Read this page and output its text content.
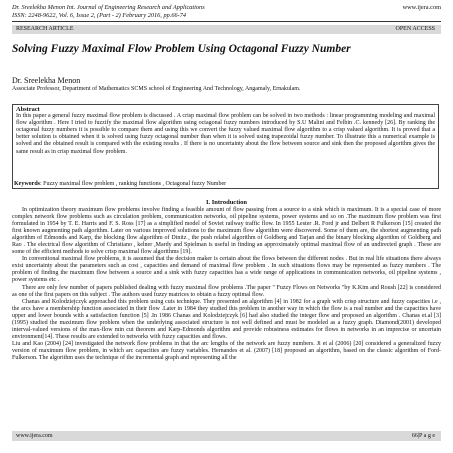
Dr. Sreelekha Menon Int. Journal of Engineering Research and Applications
ISSN: 2248-9622, Vol. 6, Issue 2, (Part - 2) February 2016, pp.66-74
www.ijera.com
RESEARCH ARTICLE	OPEN ACCESS
Solving Fuzzy Maximal Flow Problem Using Octagonal Fuzzy Number
Dr. Sreelekha Menon
Associate Professor, Department of Mathematics SCMS school of Engineering And Technology, Angamaly, Ernakulam.
Abstract
In this paper a general fuzzy maximal flow problem is discussed . A crisp maximal flow problem can be solved in two methods : linear programming modeling and maximal flow algorithm . Here I tried to fuzzify the maximal flow algorithm using octagonal fuzzy numbers introduced by S.U Malini and Felbin .C. kennedy [26]. By ranking the octagonal fuzzy numbers it is possible to compare them and using this we convert the fuzzy valued maximal flow algorithm to a crisp valued algorithm. It is proved that a better solution is obtained when it is solved using fuzzy octagonal number than when it is solved using trapezoidal fuzzy number. To illustrate this a numerical example is solved and the obtained result is compared with the existing results . If there is no uncertainty about the flow between source and sink then the proposed algorithm gives the same result as in crisp maximal flow problem.
Keywords: Fuzzy maximal flow problem , ranking functions , Octagonal fuzzy Number
I. Introduction

In optimization theory maximum flow problems involve finding a feasible amount of flow passing from a source to a sink which is maximum. It is a special case of more complex network flow problems such as circulation problem, communication networks, oil pipeline systems, power systems and so on .The maximum flow problem was first formulated in 1954 by T. E. Harris and F. S. Ross [17] as a simplified model of Soviet railway traffic flow. In 1955 Lester .R. Ford jr and Delbert R Fulkerson [15] created the first known augmenting path algorithm. Later on various improved solutions to the maximum flow algorithm were discovered. Some of them are, the shortest augmenting path algorithm of Edmonds and Karp, the blocking flow algorithm of Dinitz , the push relabel algorithm of Goldberg and Tarjan and the binary blocking algorithm of Goldberg and Rao . The electrical flow algorithm of Christiano , kelner ,Mardy and Spielman is useful in finding an approximately optimal maximal flow of an undirected graph . These are some of the efficient methods to solve crisp maximal flow algorithms [19].

In conventional maximal flow problems, it is assumed that the decision maker is certain about the flows between the different nodes . But in real life situations there always exist uncertainty about the parameters such as cost , capacities and demand of maximal flow problem . In such situations flows may be represented as fuzzy numbers . The problem of finding the maximum flow between a source and a sink with fuzzy capacities has a wide range of applications in communication networks, oil pipeline systems , power systems etc .

There are only few number of papers published dealing with fuzzy maximal flow problems .The paper " Fuzzy Flows on Networks "by K.Kim and Roush [22] is considered as one of the first papers on this subject . The authors used fuzzy matrices to obtain a fuzzy optimal flow.

Chanas and Kolodziejczyk approached this problem using cuts technique. They presented an algorithm [4] in 1982 for a graph with crisp structure and fuzzy capacities i.e , the arcs have a membership function associated in their flow .Later in 1984 they studied this problem in another way in which the flow is a real number and the capacities have upper and lower bounds with a satisfaction function [5] .In 1986 Chanas and Kolodziejczyk [6] had also studied the integer flow and proposed an algorithm . Chanas et.al [3] (1995) studied the maximum flow problem when the underlying associated structure is not well defined and must be modeled as a fuzzy graph. Diamond(2001) developed interval-valued versions of the max-flow min cut theorem and Karp-Edmonds algorithm and provide robustness estimates for flows in networks in an imprecise or uncertain environment[14]. These results are extended to networks with fuzzy capacities and flows.

Liu and Kao (2004) [24] investigated the network flow problems in that the arc lengths of the network are fuzzy numbers. Ji et al (2006) [20] considered a generalized fuzzy version of maximum flow problem, in which arc capacities are fuzzy variables. Hernandes et al. (2007) [18] proposed an algorithm, based on the classic algorithm of Ford-Fulkerson. The algorithm uses the technique of the incremental graph and representing all the

www.ijera.com	66|P a g e
